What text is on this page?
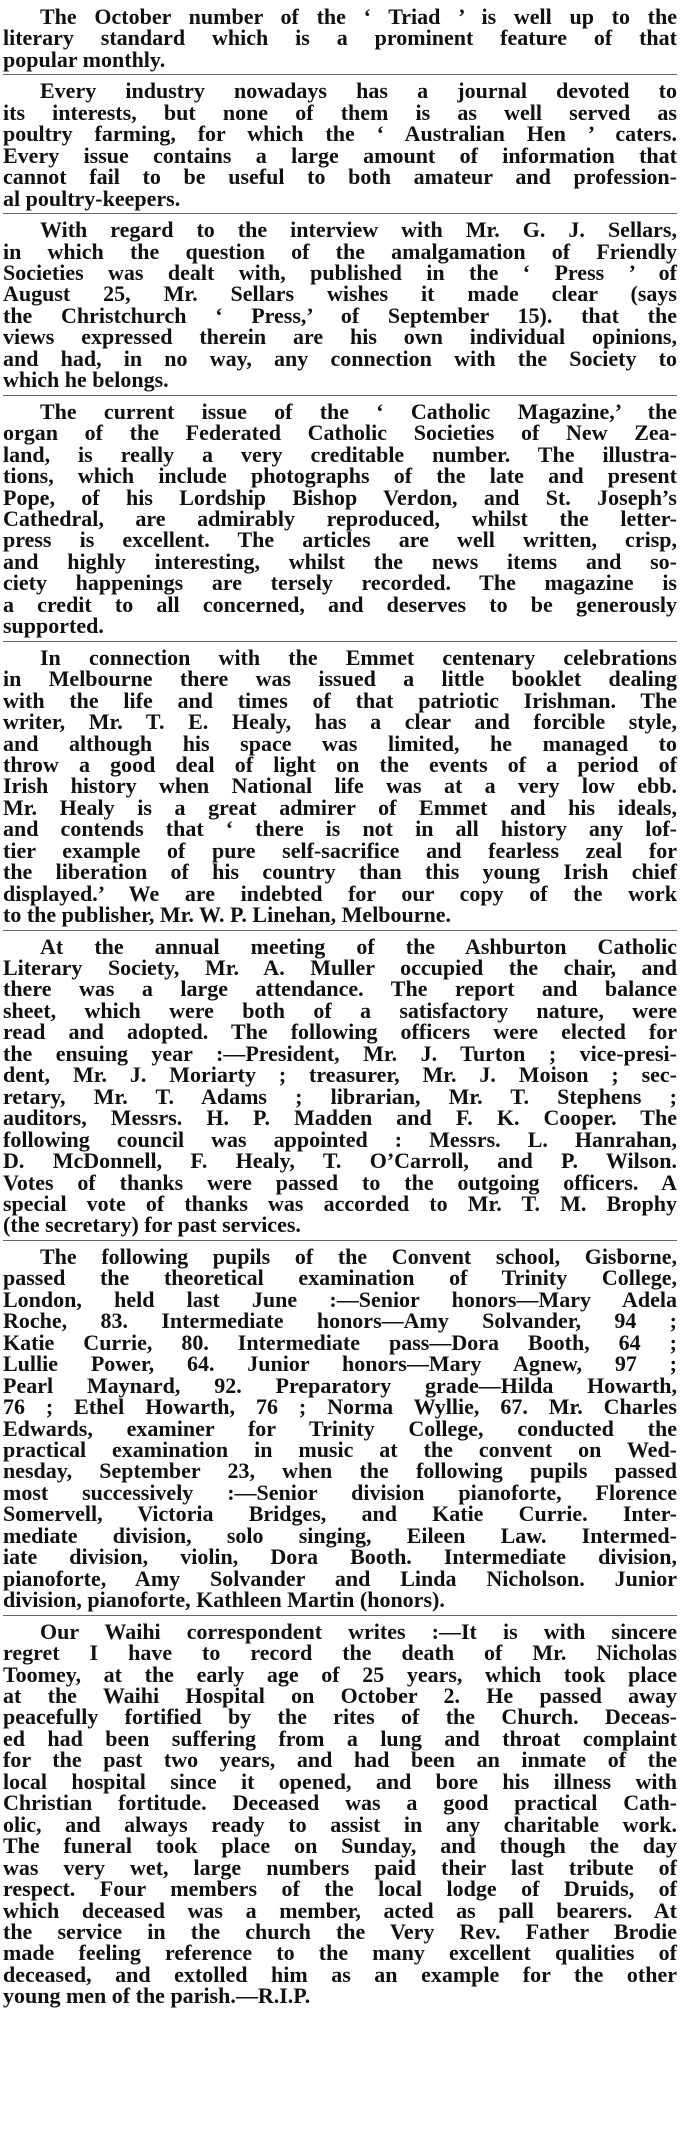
The October number of the ‘ Triad ’ is well up to the

literary standard which is a prominent feature of that

popular monthly.

Every industry nowadays has a journal devoted to

its interests, but none of them is as well served as

poultry farming, for which the ‘ Australian Hen ’ caters.

Every issue contains a large amount of information that

cannot fail to be useful to both amateur and profession-

al poultry-keepers.

With regard to the interview with Mr. G. J. Sellars,

in which the question of the amalgamation of Friendly

Societies was dealt with, published in the ‘ Press ’ of

August 25, Mr. Sellars wishes it made clear (says

the Christchurch ‘ Press,’ of September 15). that the

views expressed therein are his own individual opinions,

and had, in no way, any connection with the Society to

which he belongs.

The current issue of the ‘ Catholic Magazine,’ the

organ of the Federated Catholic Societies of New Zea-

land, is really a very creditable number. The illustra-

tions, which include photographs of the late and present

Pope, of his Lordship Bishop Verdon, and St. Joseph’s

Cathedral, are admirably reproduced, whilst the letter-

press is excellent. The articles are well written, crisp,

and highly interesting, whilst the news items and so-

ciety happenings are tersely recorded. The magazine is

a credit to all concerned, and deserves to be generously

supported.

In connection with the Emmet centenary celebrations

in Melbourne there was issued a little booklet dealing

with the life and times of that patriotic Irishman. The

writer, Mr. T. E. Healy, has a clear and forcible style,

and although his space was limited, he managed to

throw a good deal of light on the events of a period of

Irish history when National life was at a very low ebb.

Mr. Healy is a great admirer of Emmet and his ideals,

and contends that ‘ there is not in all history any lof-

tier example of pure self-sacrifice and fearless zeal for

the liberation of his country than this young Irish chief

displayed.’ We are indebted for our copy of the work

to the publisher, Mr. W. P. Linehan, Melbourne.

At the annual meeting of the Ashburton Catholic

Literary Society, Mr. A. Muller occupied the chair, and

there was a large attendance. The report and balance

sheet, which were both of a satisfactory nature, were

read and adopted. The following officers were elected for

the ensuing year :—President, Mr. J. Turton ; vice-presi-

dent, Mr. J. Moriarty ; treasurer, Mr. J. Moison ; sec-

retary, Mr. T. Adams ; librarian, Mr. T. Stephens ;

auditors, Messrs. H. P. Madden and F. K. Cooper. The

following council was appointed : Messrs. L. Hanrahan,

D. McDonnell, F. Healy, T. O’Carroll, and P. Wilson.

Votes of thanks were passed to the outgoing officers. A

special vote of thanks was accorded to Mr. T. M. Brophy

(the secretary) for past services.

The following pupils of the Convent school, Gisborne,

passed the theoretical examination of Trinity College,

London, held last June :—Senior honors—Mary Adela

Roche, 83. Intermediate honors—Amy Solvander, 94 ;

Katie Currie, 80. Intermediate pass—Dora Booth, 64 ;

Lullie Power, 64. Junior honors—Mary Agnew, 97 ;

Pearl Maynard, 92. Preparatory grade—Hilda Howarth,

76 ; Ethel Howarth, 76 ; Norma Wyllie, 67. Mr. Charles

Edwards, examiner for Trinity College, conducted the

practical examination in music at the convent on Wed-

nesday, September 23, when the following pupils passed

most successively :—Senior division pianoforte, Florence

Somervell, Victoria Bridges, and Katie Currie. Inter-

mediate division, solo singing, Eileen Law. Intermed-

iate division, violin, Dora Booth. Intermediate division,

pianoforte, Amy Solvander and Linda Nicholson. Junior

division, pianoforte, Kathleen Martin (honors).

Our Waihi correspondent writes :—It is with sincere

regret I have to record the death of Mr. Nicholas

Toomey, at the early age of 25 years, which took place

at the Waihi Hospital on October 2. He passed away

peacefully fortified by the rites of the Church. Deceas-

ed had been suffering from a lung and throat complaint

for the past two years, and had been an inmate of the

local hospital since it opened, and bore his illness with

Christian fortitude. Deceased was a good practical Cath-

olic, and always ready to assist in any charitable work.

The funeral took place on Sunday, and though the day

was very wet, large numbers paid their last tribute of

respect. Four members of the local lodge of Druids, of

which deceased was a member, acted as pall bearers. At

the service in the church the Very Rev. Father Brodie

made feeling reference to the many excellent qualities of

deceased, and extolled him as an example for the other

young men of the parish.—R.I.P.
